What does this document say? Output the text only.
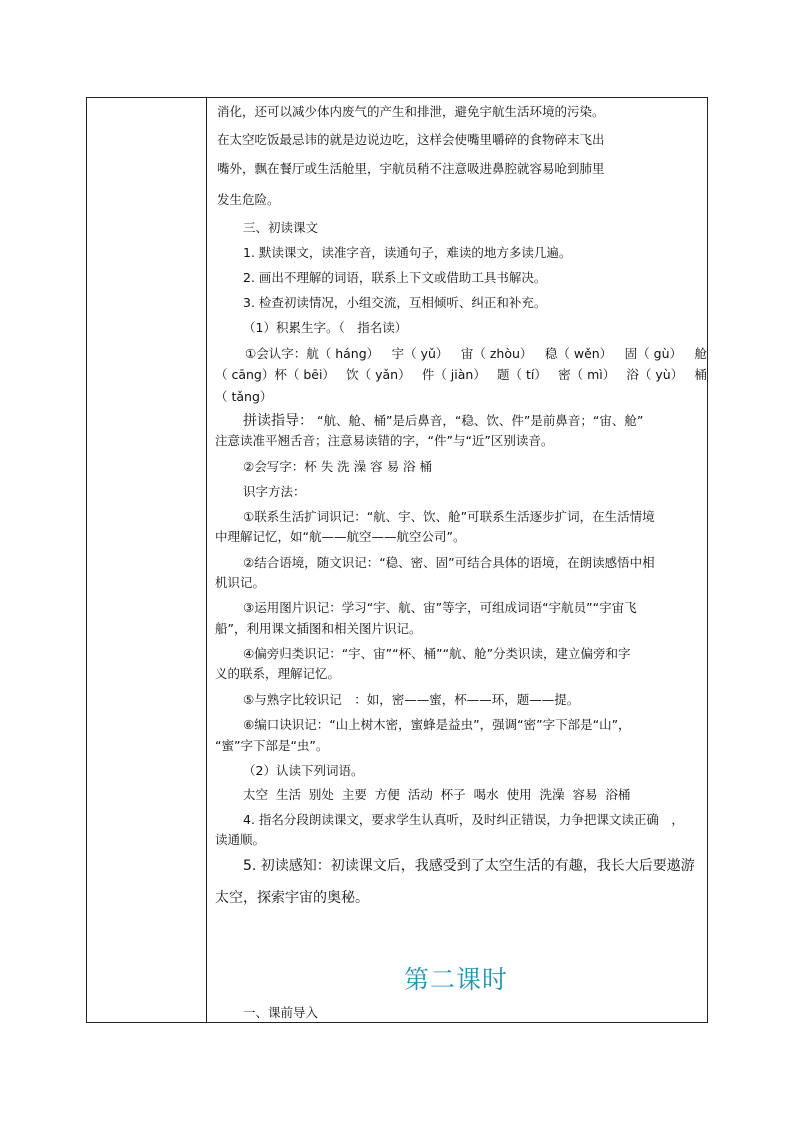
消化，还可以减少体内废气的产生和排泄，避免宇航生活环境的污染。
在太空吃饭最忌讳的就是边说边吃，这样会使嘴里嚼碎的食物碎末飞出
嘴外，飘在餐厅或生活舱里，宇航员稍不注意吸进鼻腔就容易呛到肺里
发生危险。
三、初读课文
1. 默读课文，读准字音，读通句子，难读的地方多读几遍。
2. 画出不理解的词语，联系上下文或借助工具书解决。
3. 检查初读情况，小组交流，互相倾听、纠正和补充。
（1）积累生字。（　指名读）
①会认字：航（ háng） 宇（ yǔ） 宙（ zhòu） 稳（ wěn） 固（ gù） 舱
（ cāng）杯（ bēi） 饮（ yǎn） 件（ jiàn） 题（ tí） 密（ mì） 浴（ yù） 桶
（ tǎng）
拼读指导： “航、舱、桶”是后鼻音，“稳、饮、件”是前鼻音；“宙、舱”
注意读准平翘舌音；注意易读错的字，“件”与“近”区别读音。
②会写字：杯 失 洗 澡 容 易 浴 桶
识字方法：
①联系生活扩词识记：“航、宇、饮、舱”可联系生活逐步扩词，在生活情境
中理解记忆，如“航——航空——航空公司”。
②结合语境，随文识记：“稳、密、固”可结合具体的语境，在朗读感悟中相
机识记。
③运用图片识记：学习“宇、航、宙”等字，可组成词语“宇航员”“宇宙飞
船”，利用课文插图和相关图片识记。
④偏旁归类识记：“宇、宙”“杯、桶”“航、舱”分类识读，建立偏旁和字
义的联系，理解记忆。
⑤与熟字比较识记　：如，密——蜜，杯——环，题——提。
⑥编口诀识记：“山上树木密，蜜蜂是益虫”，强调“密”字下部是“山”，
“蜜”字下部是“虫”。
（2）认读下列词语。
太空  生活  别处  主要  方便  活动  杯子  喝水  使用  洗澡  容易  浴桶
4. 指名分段朗读课文，要求学生认真听，及时纠正错误，力争把课文读正确　，
读通顺。
5. 初读感知：初读课文后，我感受到了太空生活的有趣，我长大后要遨游
太空，探索宇宙的奥秘。
第二课时
一、课前导入
